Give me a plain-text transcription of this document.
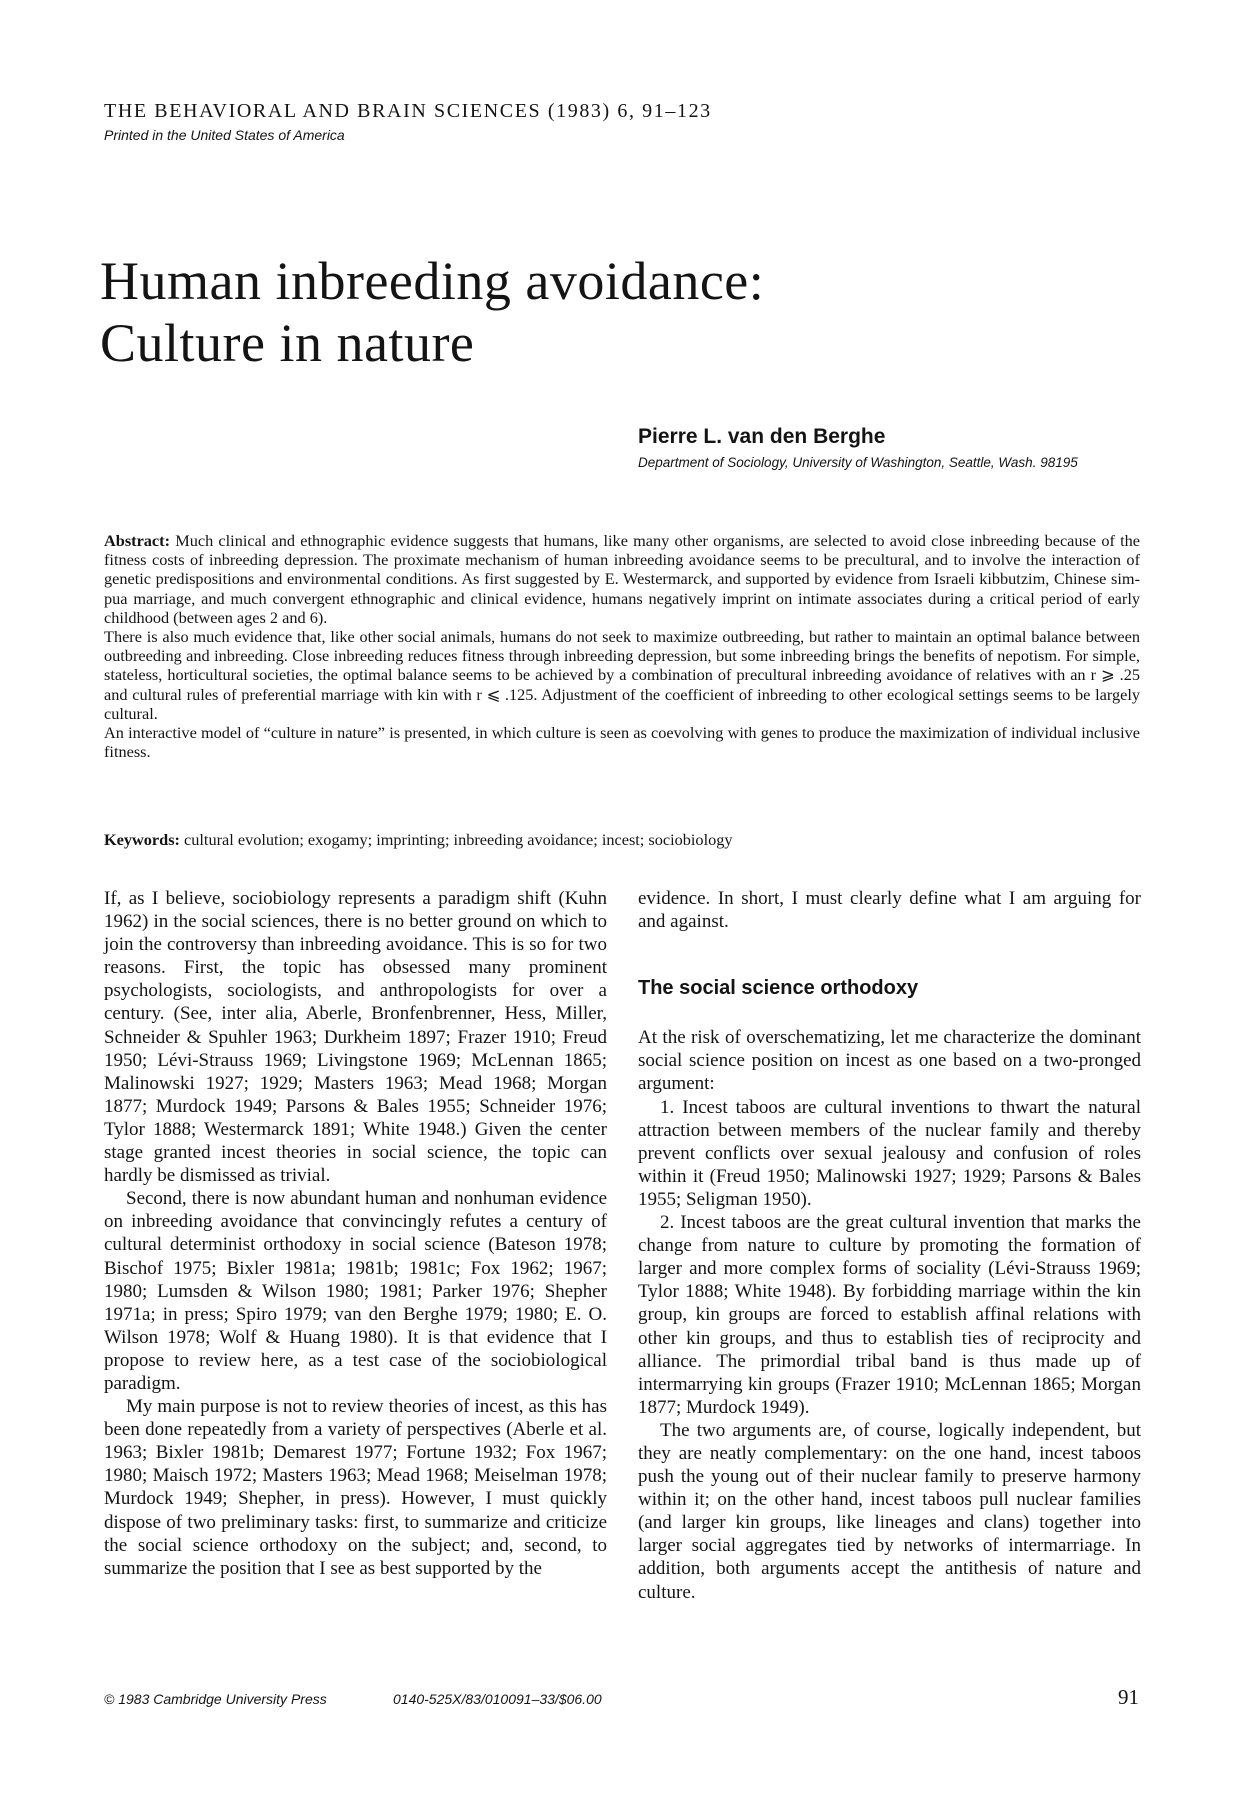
THE BEHAVIORAL AND BRAIN SCIENCES (1983) 6, 91–123
Printed in the United States of America
Human inbreeding avoidance:
Culture in nature
Pierre L. van den Berghe
Department of Sociology, University of Washington, Seattle, Wash. 98195

Abstract: Much clinical and ethnographic evidence suggests that humans, like many other organisms, are selected to avoid close inbreeding because of the fitness costs of inbreeding depression. The proximate mechanism of human inbreeding avoidance seems to be precultural, and to involve the interaction of genetic predispositions and environmental conditions. As first suggested by E. Westermarck, and supported by evidence from Israeli kibbutzim, Chinese sim-pua marriage, and much convergent ethnographic and clinical evidence, humans negatively imprint on intimate associates during a critical period of early childhood (between ages 2 and 6).

There is also much evidence that, like other social animals, humans do not seek to maximize outbreeding, but rather to maintain an optimal balance between outbreeding and inbreeding. Close inbreeding reduces fitness through inbreeding depression, but some inbreeding brings the benefits of nepotism. For simple, stateless, horticultural societies, the optimal balance seems to be achieved by a combination of precultural inbreeding avoidance of relatives with an r ⩾ .25 and cultural rules of preferential marriage with kin with r ⩽ .125. Adjustment of the coefficient of inbreeding to other ecological settings seems to be largely cultural.

An interactive model of “culture in nature” is presented, in which culture is seen as coevolving with genes to produce the maximization of individual inclusive fitness.

Keywords: cultural evolution; exogamy; imprinting; inbreeding avoidance; incest; sociobiology

If, as I believe, sociobiology represents a paradigm shift (Kuhn 1962) in the social sciences, there is no better ground on which to join the controversy than inbreeding avoidance. This is so for two reasons. First, the topic has obsessed many prominent psychologists, sociologists, and anthropologists for over a century. (See, inter alia, Aberle, Bronfenbrenner, Hess, Miller, Schneider & Spuhler 1963; Durkheim 1897; Frazer 1910; Freud 1950; Lévi-Strauss 1969; Livingstone 1969; McLennan 1865; Malinowski 1927; 1929; Masters 1963; Mead 1968; Morgan 1877; Murdock 1949; Parsons & Bales 1955; Schneider 1976; Tylor 1888; Westermarck 1891; White 1948.) Given the center stage granted incest theories in social science, the topic can hardly be dismissed as trivial.

Second, there is now abundant human and nonhuman evidence on inbreeding avoidance that convincingly refutes a century of cultural determinist orthodoxy in social science (Bateson 1978; Bischof 1975; Bixler 1981a; 1981b; 1981c; Fox 1962; 1967; 1980; Lumsden & Wilson 1980; 1981; Parker 1976; Shepher 1971a; in press; Spiro 1979; van den Berghe 1979; 1980; E. O. Wilson 1978; Wolf & Huang 1980). It is that evidence that I propose to review here, as a test case of the sociobiological paradigm.

My main purpose is not to review theories of incest, as this has been done repeatedly from a variety of perspectives (Aberle et al. 1963; Bixler 1981b; Demarest 1977; Fortune 1932; Fox 1967; 1980; Maisch 1972; Masters 1963; Mead 1968; Meiselman 1978; Murdock 1949; Shepher, in press). However, I must quickly dispose of two preliminary tasks: first, to summarize and criticize the social science orthodoxy on the subject; and, second, to summarize the position that I see as best supported by the

evidence. In short, I must clearly define what I am arguing for and against.

The social science orthodoxy

At the risk of overschematizing, let me characterize the dominant social science position on incest as one based on a two-pronged argument:

1. Incest taboos are cultural inventions to thwart the natural attraction between members of the nuclear family and thereby prevent conflicts over sexual jealousy and confusion of roles within it (Freud 1950; Malinowski 1927; 1929; Parsons & Bales 1955; Seligman 1950).

2. Incest taboos are the great cultural invention that marks the change from nature to culture by promoting the formation of larger and more complex forms of sociality (Lévi-Strauss 1969; Tylor 1888; White 1948). By forbidding marriage within the kin group, kin groups are forced to establish affinal relations with other kin groups, and thus to establish ties of reciprocity and alliance. The primordial tribal band is thus made up of intermarrying kin groups (Frazer 1910; McLennan 1865; Morgan 1877; Murdock 1949).

The two arguments are, of course, logically independent, but they are neatly complementary: on the one hand, incest taboos push the young out of their nuclear family to preserve harmony within it; on the other hand, incest taboos pull nuclear families (and larger kin groups, like lineages and clans) together into larger social aggregates tied by networks of intermarriage. In addition, both arguments accept the antithesis of nature and culture.

© 1983 Cambridge University Press	0140-525X/83/010091–33/$06.00	91
